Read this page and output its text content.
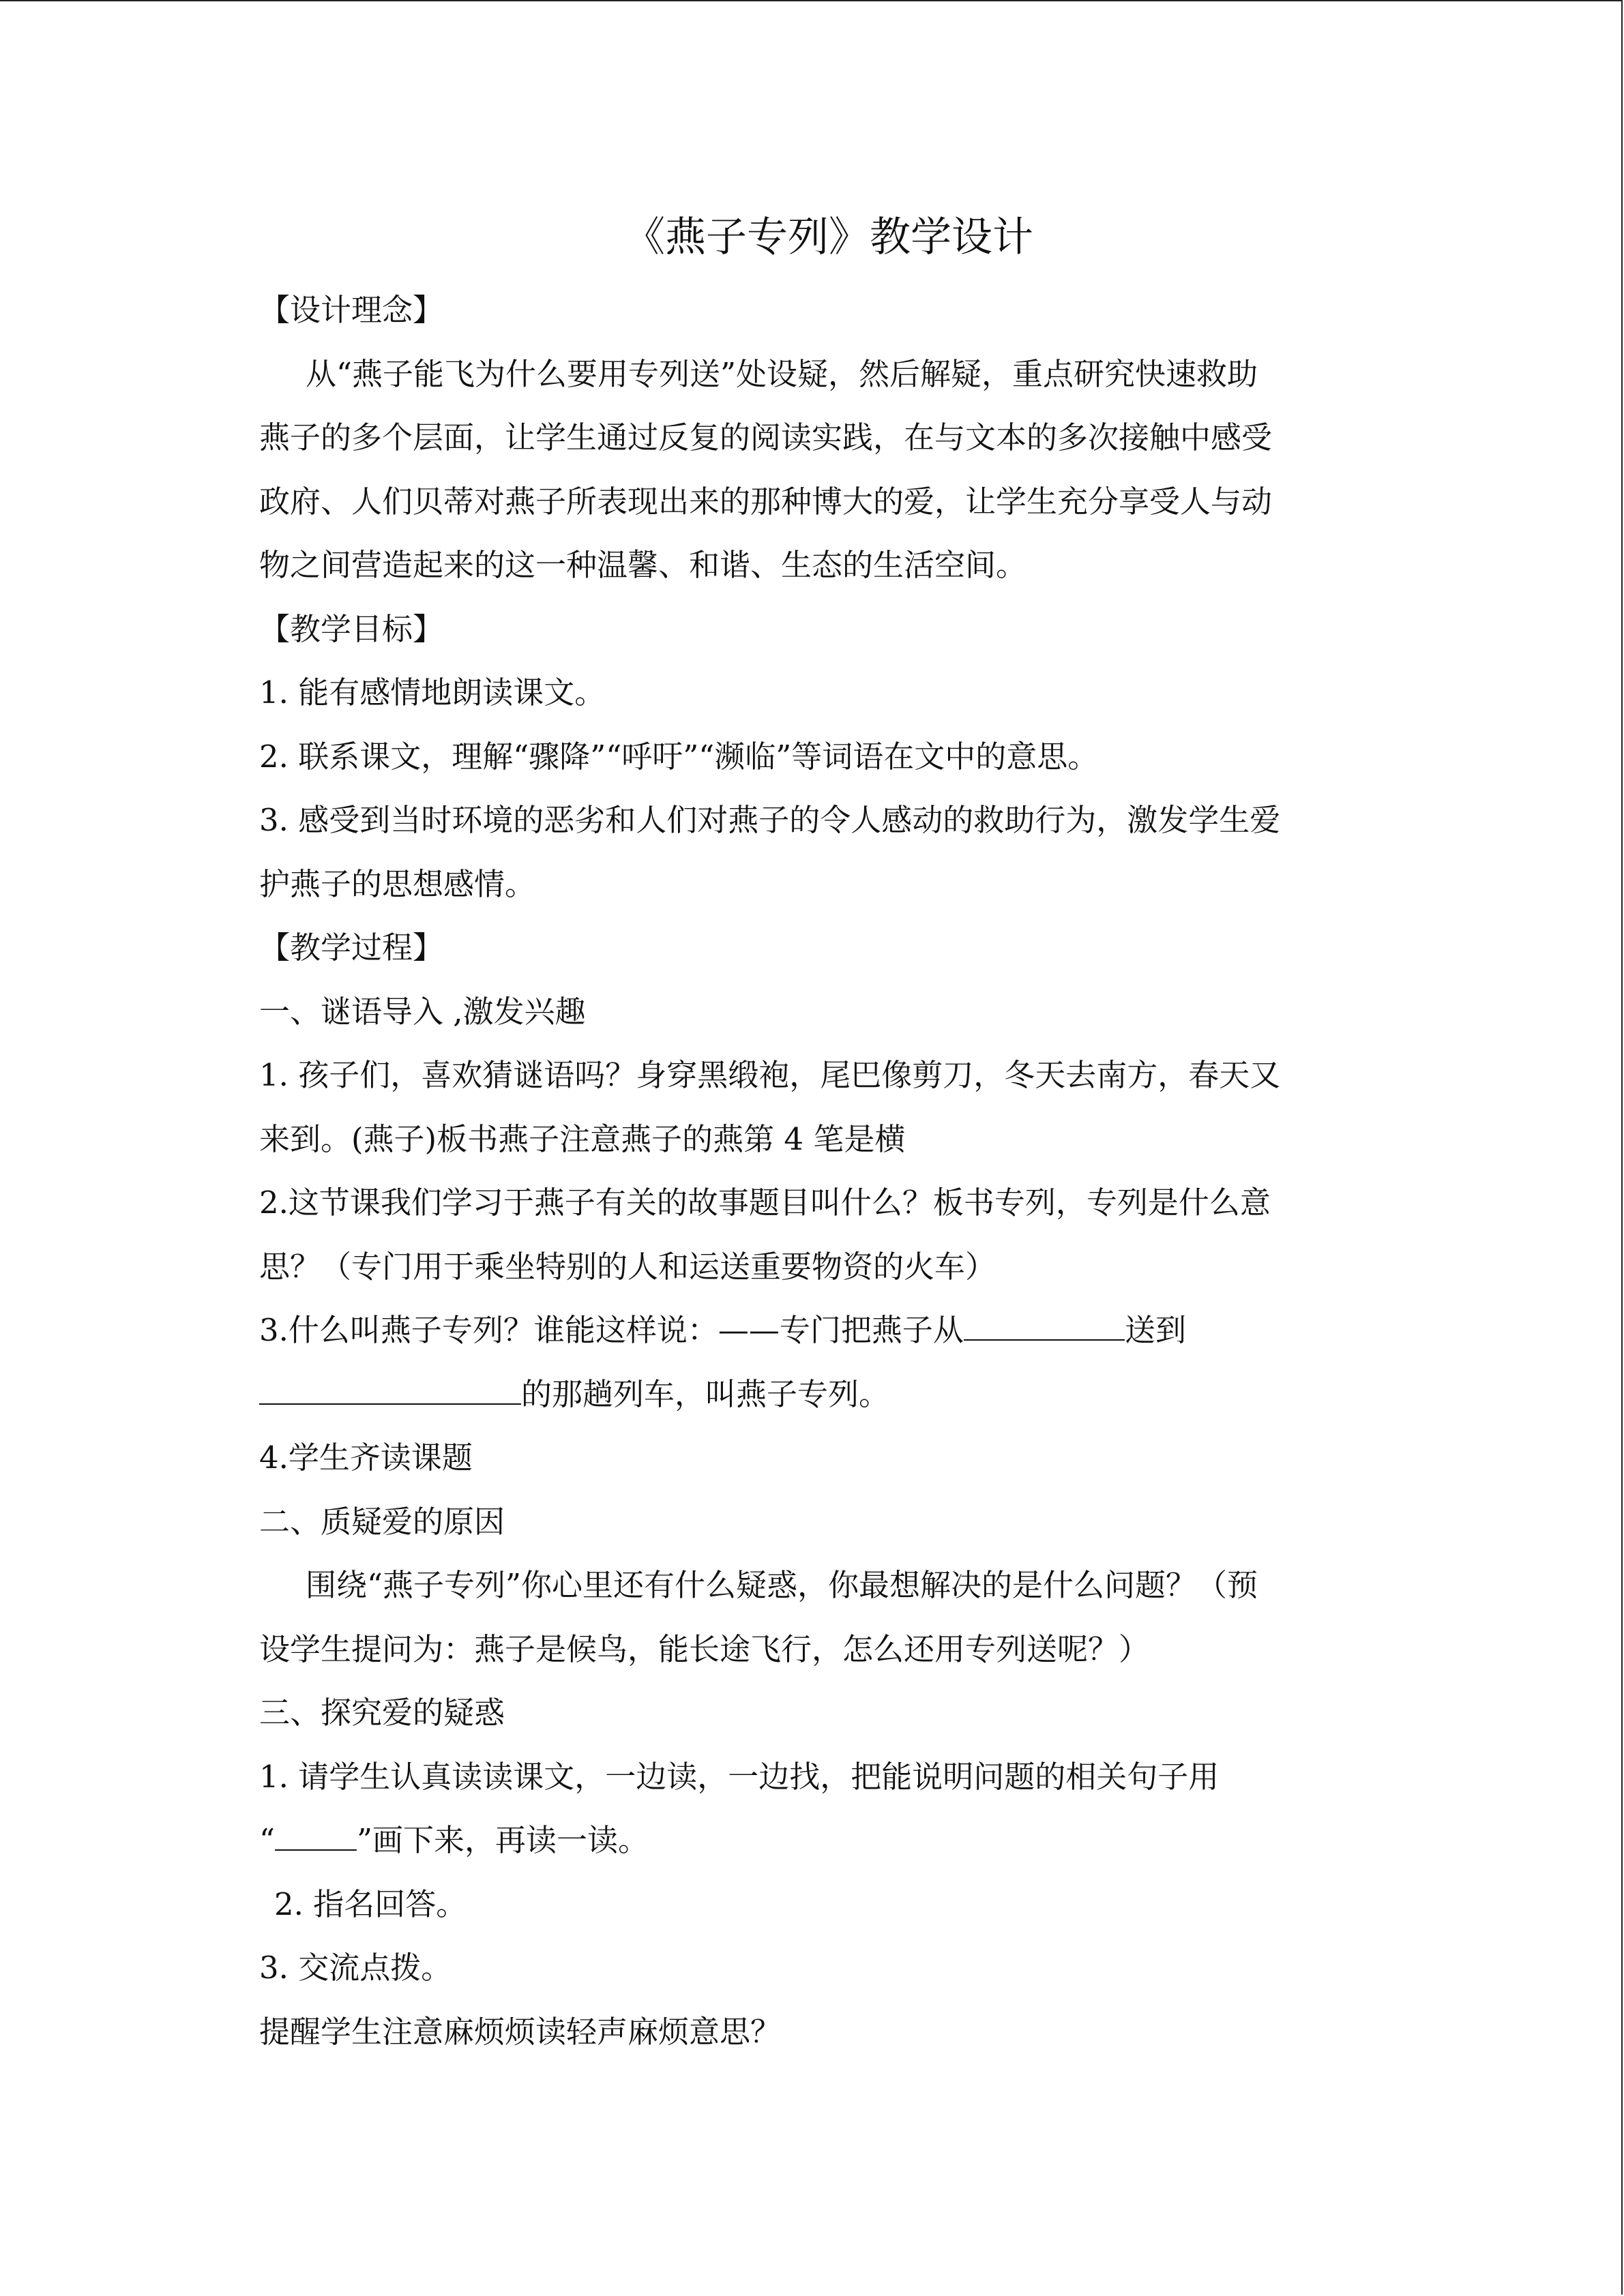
《燕子专列》教学设计
【设计理念】
从“燕子能飞为什么要用专列送”处设疑，然后解疑，重点研究快速救助
燕子的多个层面，让学生通过反复的阅读实践，在与文本的多次接触中感受
政府、人们贝蒂对燕子所表现出来的那种博大的爱，让学生充分享受人与动
物之间营造起来的这一种温馨、和谐、生态的生活空间。
【教学目标】
1. 能有感情地朗读课文。
2. 联系课文，理解“骤降”“呼吁”“濒临”等词语在文中的意思。
3. 感受到当时环境的恶劣和人们对燕子的令人感动的救助行为，激发学生爱
护燕子的思想感情。
【教学过程】
一、谜语导入 ,激发兴趣
1. 孩子们，喜欢猜谜语吗？身穿黑缎袍，尾巴像剪刀，冬天去南方，春天又
来到。(燕子)板书燕子注意燕子的燕第 4 笔是横
2.这节课我们学习于燕子有关的故事题目叫什么？板书专列，专列是什么意
思？（专门用于乘坐特别的人和运送重要物资的火车）
3.什么叫燕子专列？谁能这样说：——专门把燕子从	送到
的那趟列车，叫燕子专列。
4.学生齐读课题
二、质疑爱的原因
围绕“燕子专列”你心里还有什么疑惑，你最想解决的是什么问题？（预
设学生提问为：燕子是候鸟，能长途飞行，怎么还用专列送呢？）
三、探究爱的疑惑
1. 请学生认真读读课文，一边读，一边找，把能说明问题的相关句子用
“	”画下来，再读一读。
2. 指名回答。
3. 交流点拨。
提醒学生注意麻烦烦读轻声麻烦意思？
